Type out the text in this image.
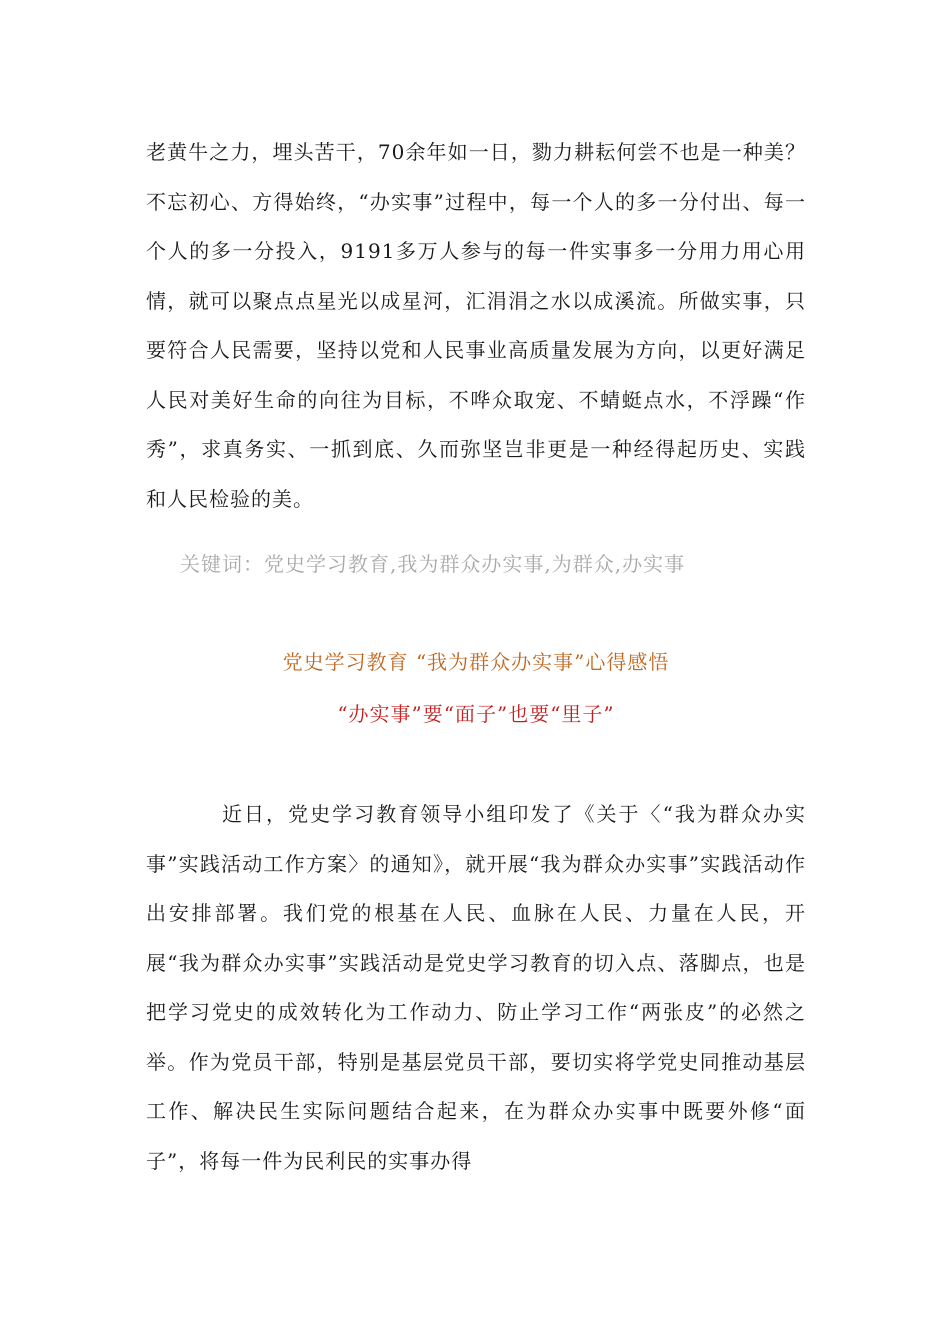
老黄牛之力，埋头苦干，70余年如一日，勠力耕耘何尝不也是一种美？不忘初心、方得始终，“办实事”过程中，每一个人的多一分付出、每一个人的多一分投入，9191多万人参与的每一件实事多一分用力用心用情，就可以聚点点星光以成星河，汇涓涓之水以成溪流。所做实事，只要符合人民需要，坚持以党和人民事业高质量发展为方向，以更好满足人民对美好生命的向往为目标，不哗众取宠、不蜻蜓点水，不浮躁“作秀”，求真务实、一抓到底、久而弥坚岂非更是一种经得起历史、实践和人民检验的美。

关键词：党史学习教育,我为群众办实事,为群众,办实事
党史学习教育 “我为群众办实事”心得感悟
“办实事”要“面子”也要“里子”

近日，党史学习教育领导小组印发了《关于〈“我为群众办实事”实践活动工作方案〉的通知》，就开展“我为群众办实事”实践活动作出安排部署。我们党的根基在人民、血脉在人民、力量在人民，开展“我为群众办实事”实践活动是党史学习教育的切入点、落脚点，也是把学习党史的成效转化为工作动力、防止学习工作“两张皮”的必然之举。作为党员干部，特别是基层党员干部，要切实将学党史同推动基层工作、解决民生实际问题结合起来，在为群众办实事中既要外修“面子”，将每一件为民利民的实事办得
